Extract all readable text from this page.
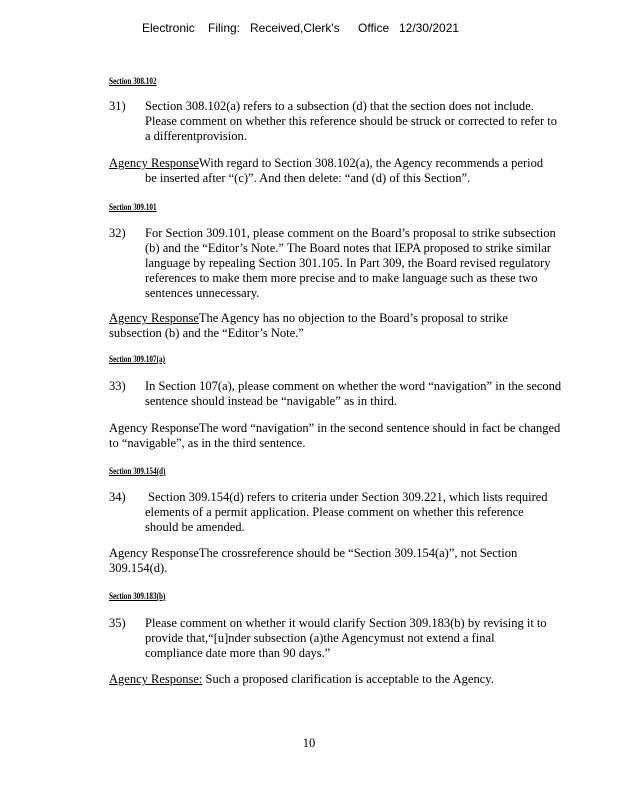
Electronic Filing: Received,Clerk's Office 12/30/2021
Section 308.102
31) Section 308.102(a) refers to a subsection (d) that the section does not include.
Please comment on whether this reference should be struck or corrected to refer to
a differentprovision.
Agency ResponseWith regard to Section 308.102(a), the Agency recommends a period
be inserted after “(c)”. And then delete: “and (d) of this Section”.
Section 309.101
32) For Section 309.101, please comment on the Board’s proposal to strike subsection
(b) and the “Editor’s Note.” The Board notes that IEPA proposed to strike similar
language by repealing Section 301.105. In Part 309, the Board revised regulatory
references to make them more precise and to make language such as these two
sentences unnecessary.
Agency ResponseThe Agency has no objection to the Board’s proposal to strike
subsection (b) and the “Editor’s Note.”
Section 309.107(a)
33) In Section 107(a), please comment on whether the word “navigation” in the second
sentence should instead be “navigable” as in third.
Agency ResponseThe word “navigation” in the second sentence should in fact be changed
to “navigable”, as in the third sentence.
Section 309.154(d)
34) Section 309.154(d) refers to criteria under Section 309.221, which lists required
elements of a permit application. Please comment on whether this reference
should be amended.
Agency ResponseThe crossreference should be “Section 309.154(a)”, not Section
309.154(d).
Section 309.183(b)
35) Please comment on whether it would clarify Section 309.183(b) by revising it to
provide that,“[u]nder subsection (a)the Agencymust not extend a final
compliance date more than 90 days.”
Agency Response: Such a proposed clarification is acceptable to the Agency.
10
